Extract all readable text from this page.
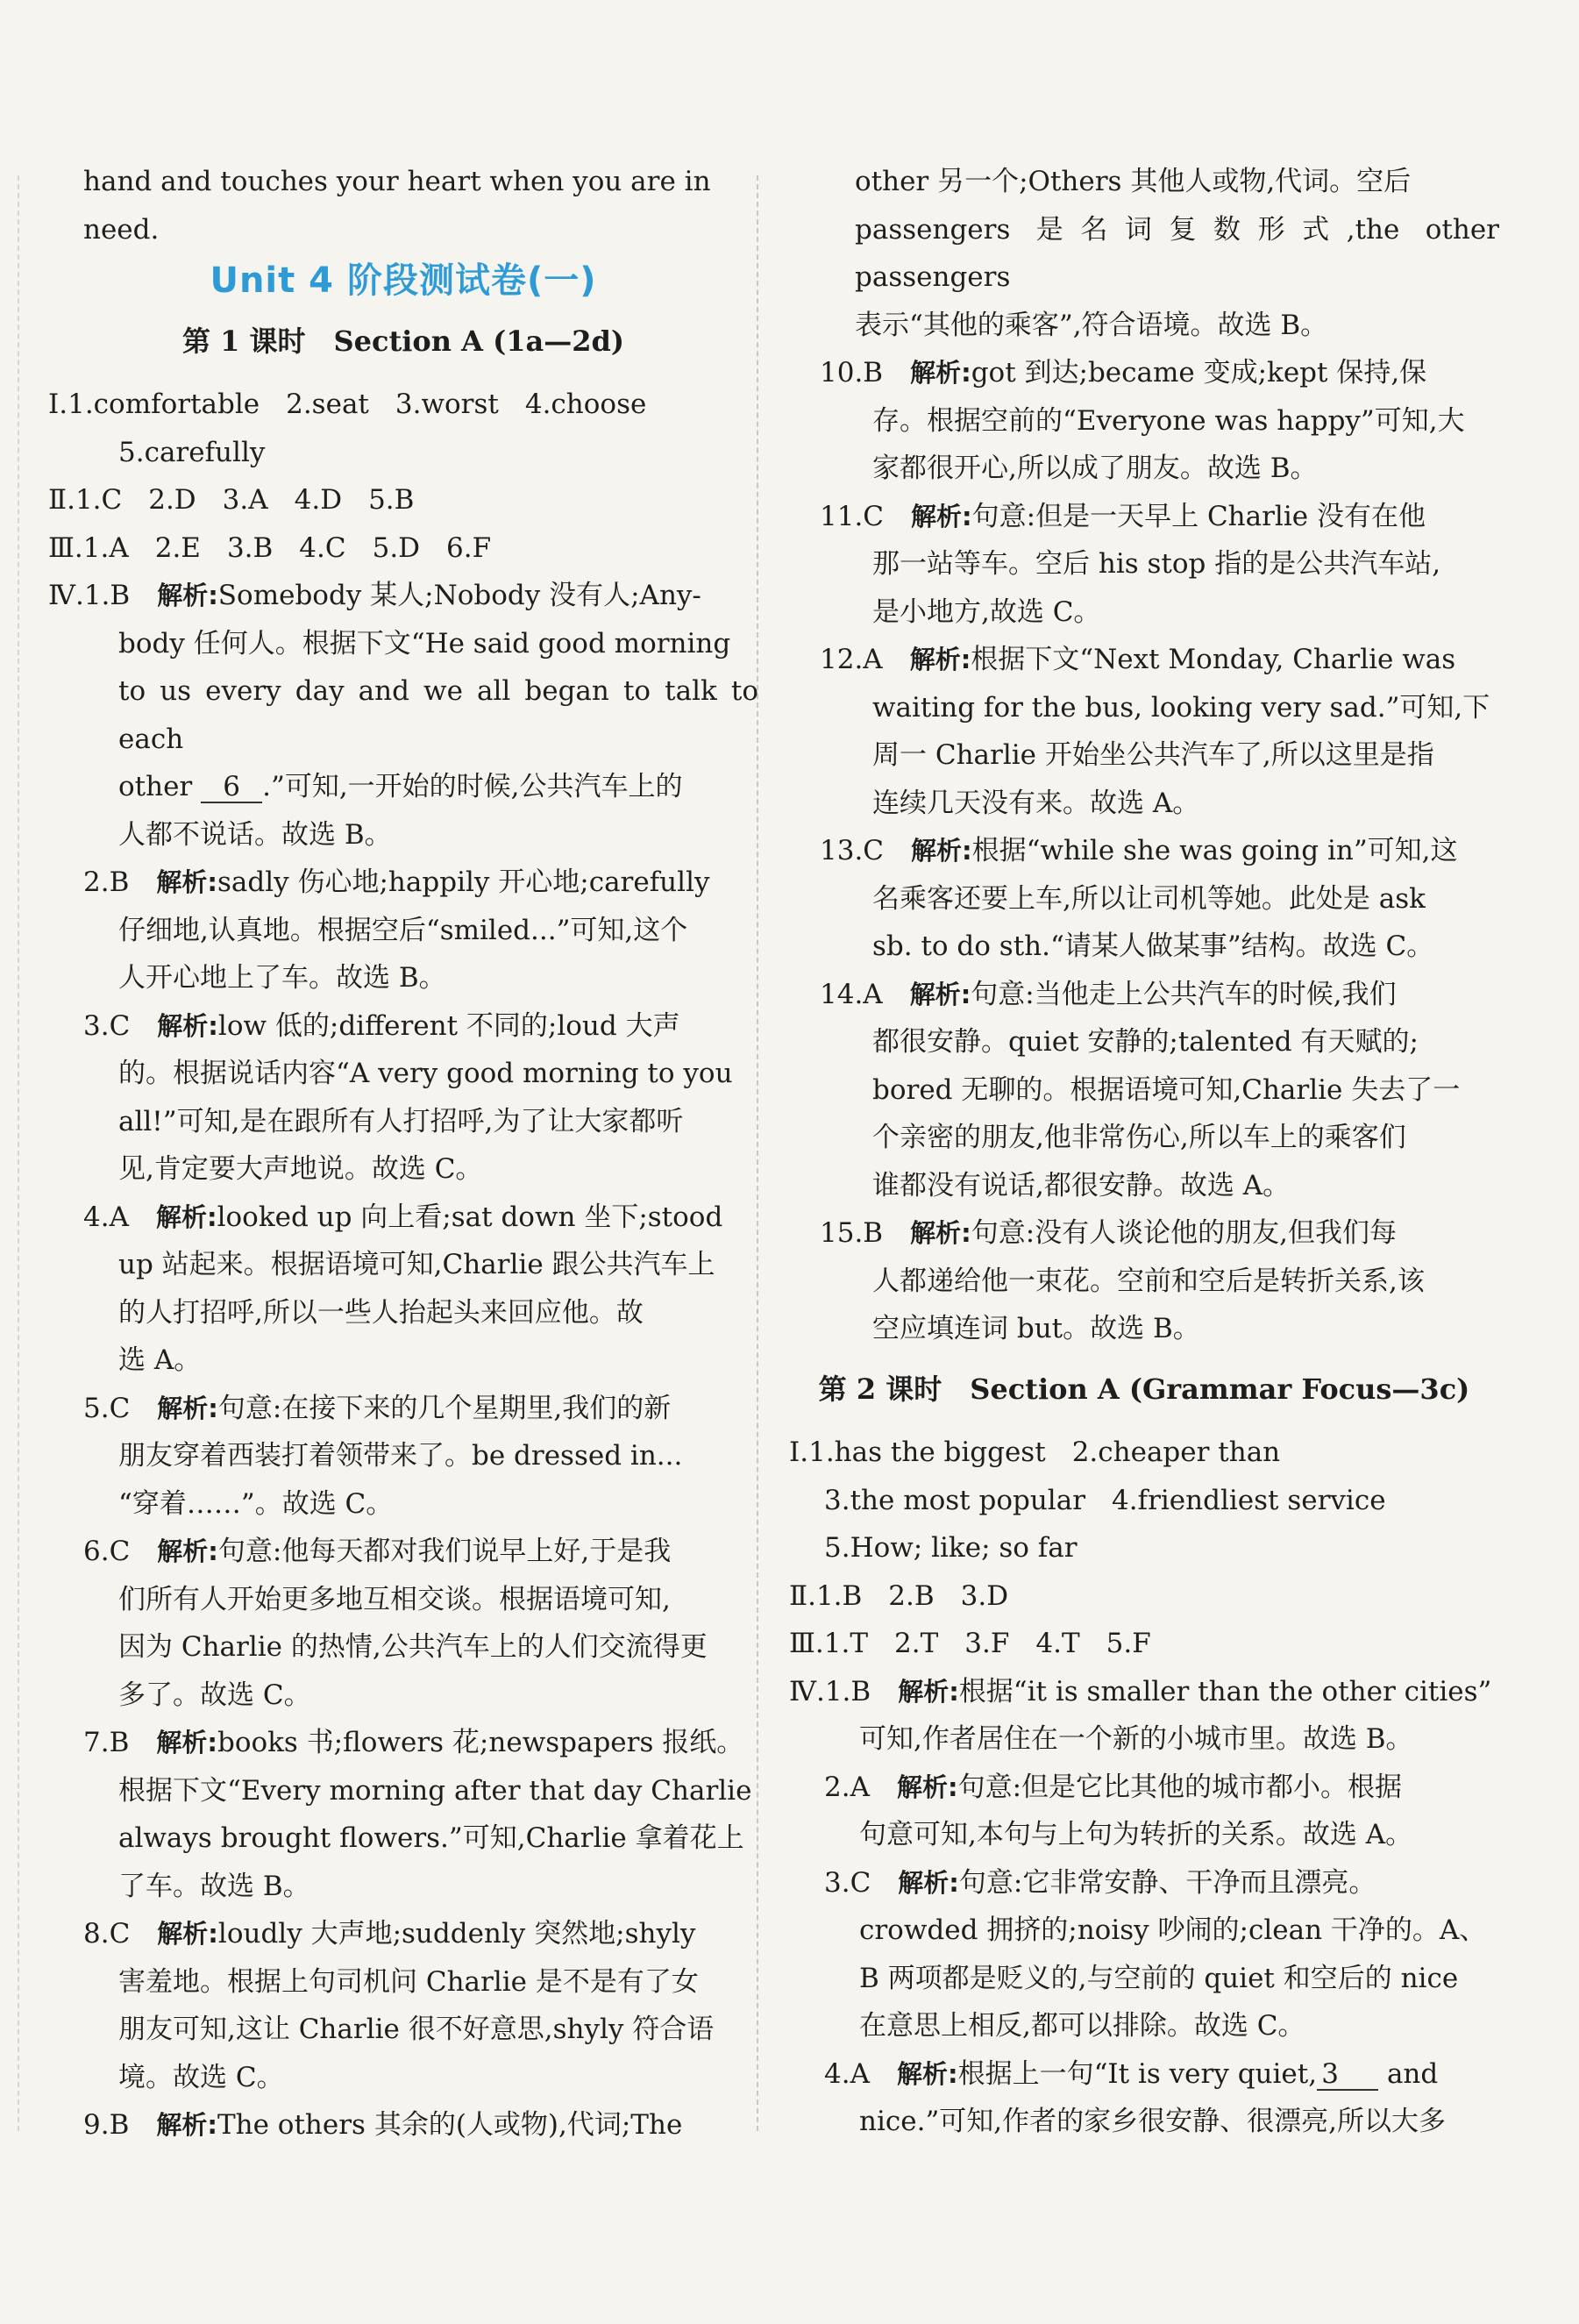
hand and touches your heart when you are in

need.

Unit 4 阶段测试卷(一)
第 1 课时　Section A (1a—2d)

Ⅰ.1.comfortable 2.seat 3.worst 4.choose

5.carefully

Ⅱ.1.C 2.D 3.A 4.D 5.B

Ⅲ.1.A 2.E 3.B 4.C 5.D 6.F

Ⅳ.1.B　 解析:Somebody 某人;Nobody 没有人;Any-

body 任何人。根据下文“He said good morning

to us every day and we all began to talk to each

other 6 .”可知,一开始的时候,公共汽车上的

人都不说话。故选 B。

2.B　 解析:sadly 伤心地;happily 开心地;carefully

仔细地,认真地。根据空后“smiled...”可知,这个

人开心地上了车。故选 B。

3.C　 解析:low 低的;different 不同的;loud 大声

的。根据说话内容“A very good morning to you

all!”可知,是在跟所有人打招呼,为了让大家都听

见,肯定要大声地说。故选 C。

4.A　 解析:looked up 向上看;sat down 坐下;stood

up 站起来。根据语境可知,Charlie 跟公共汽车上

的人打招呼,所以一些人抬起头来回应他。故

选 A。

5.C　 解析:句意:在接下来的几个星期里,我们的新

朋友穿着西装打着领带来了。be dressed in...

“穿着……”。故选 C。

6.C　 解析:句意:他每天都对我们说早上好,于是我

们所有人开始更多地互相交谈。根据语境可知,

因为 Charlie 的热情,公共汽车上的人们交流得更

多了。故选 C。

7.B　 解析:books 书;flowers 花;newspapers 报纸。

根据下文“Every morning after that day Charlie

always brought flowers.”可知,Charlie 拿着花上

了车。故选 B。

8.C　 解析:loudly 大声地;suddenly 突然地;shyly

害羞地。根据上句司机问 Charlie 是不是有了女

朋友可知,这让 Charlie 很不好意思,shyly 符合语

境。故选 C。

9.B　 解析:The others 其余的(人或物),代词;The

other 另一个;Others 其他人或物,代词。空后

passengers 是名词复数形式,the other passengers

表示“其他的乘客”,符合语境。故选 B。

10.B　 解析:got 到达;became 变成;kept 保持,保

存。根据空前的“Everyone was happy”可知,大

家都很开心,所以成了朋友。故选 B。

11.C　 解析:句意:但是一天早上 Charlie 没有在他

那一站等车。空后 his stop 指的是公共汽车站,

是小地方,故选 C。

12.A　 解析:根据下文“Next Monday, Charlie was

waiting for the bus, looking very sad.”可知,下

周一 Charlie 开始坐公共汽车了,所以这里是指

连续几天没有来。故选 A。

13.C　 解析:根据“while she was going in”可知,这

名乘客还要上车,所以让司机等她。此处是 ask

sb. to do sth.“请某人做某事”结构。故选 C。

14.A　 解析:句意:当他走上公共汽车的时候,我们

都很安静。quiet 安静的;talented 有天赋的;

bored 无聊的。根据语境可知,Charlie 失去了一

个亲密的朋友,他非常伤心,所以车上的乘客们

谁都没有说话,都很安静。故选 A。

15.B　 解析:句意:没有人谈论他的朋友,但我们每

人都递给他一束花。空前和空后是转折关系,该

空应填连词 but。故选 B。

第 2 课时　Section A (Grammar Focus—3c)

Ⅰ.1.has the biggest 2.cheaper than

3.the most popular 4.friendliest service

5.How; like; so far

Ⅱ.1.B 2.B 3.D

Ⅲ.1.T 2.T 3.F 4.T 5.F

Ⅳ.1.B　 解析:根据“it is smaller than the other cities”

可知,作者居住在一个新的小城市里。故选 B。

2.A　 解析:句意:但是它比其他的城市都小。根据

句意可知,本句与上句为转折的关系。故选 A。

3.C　 解析:句意:它非常安静、干净而且漂亮。

crowded 拥挤的;noisy 吵闹的;clean 干净的。A、

B 两项都是贬义的,与空前的 quiet 和空后的 nice

在意思上相反,都可以排除。故选 C。

4.A　 解析:根据上一句“It is very quiet, 3 and

nice.”可知,作者的家乡很安静、很漂亮,所以大多
